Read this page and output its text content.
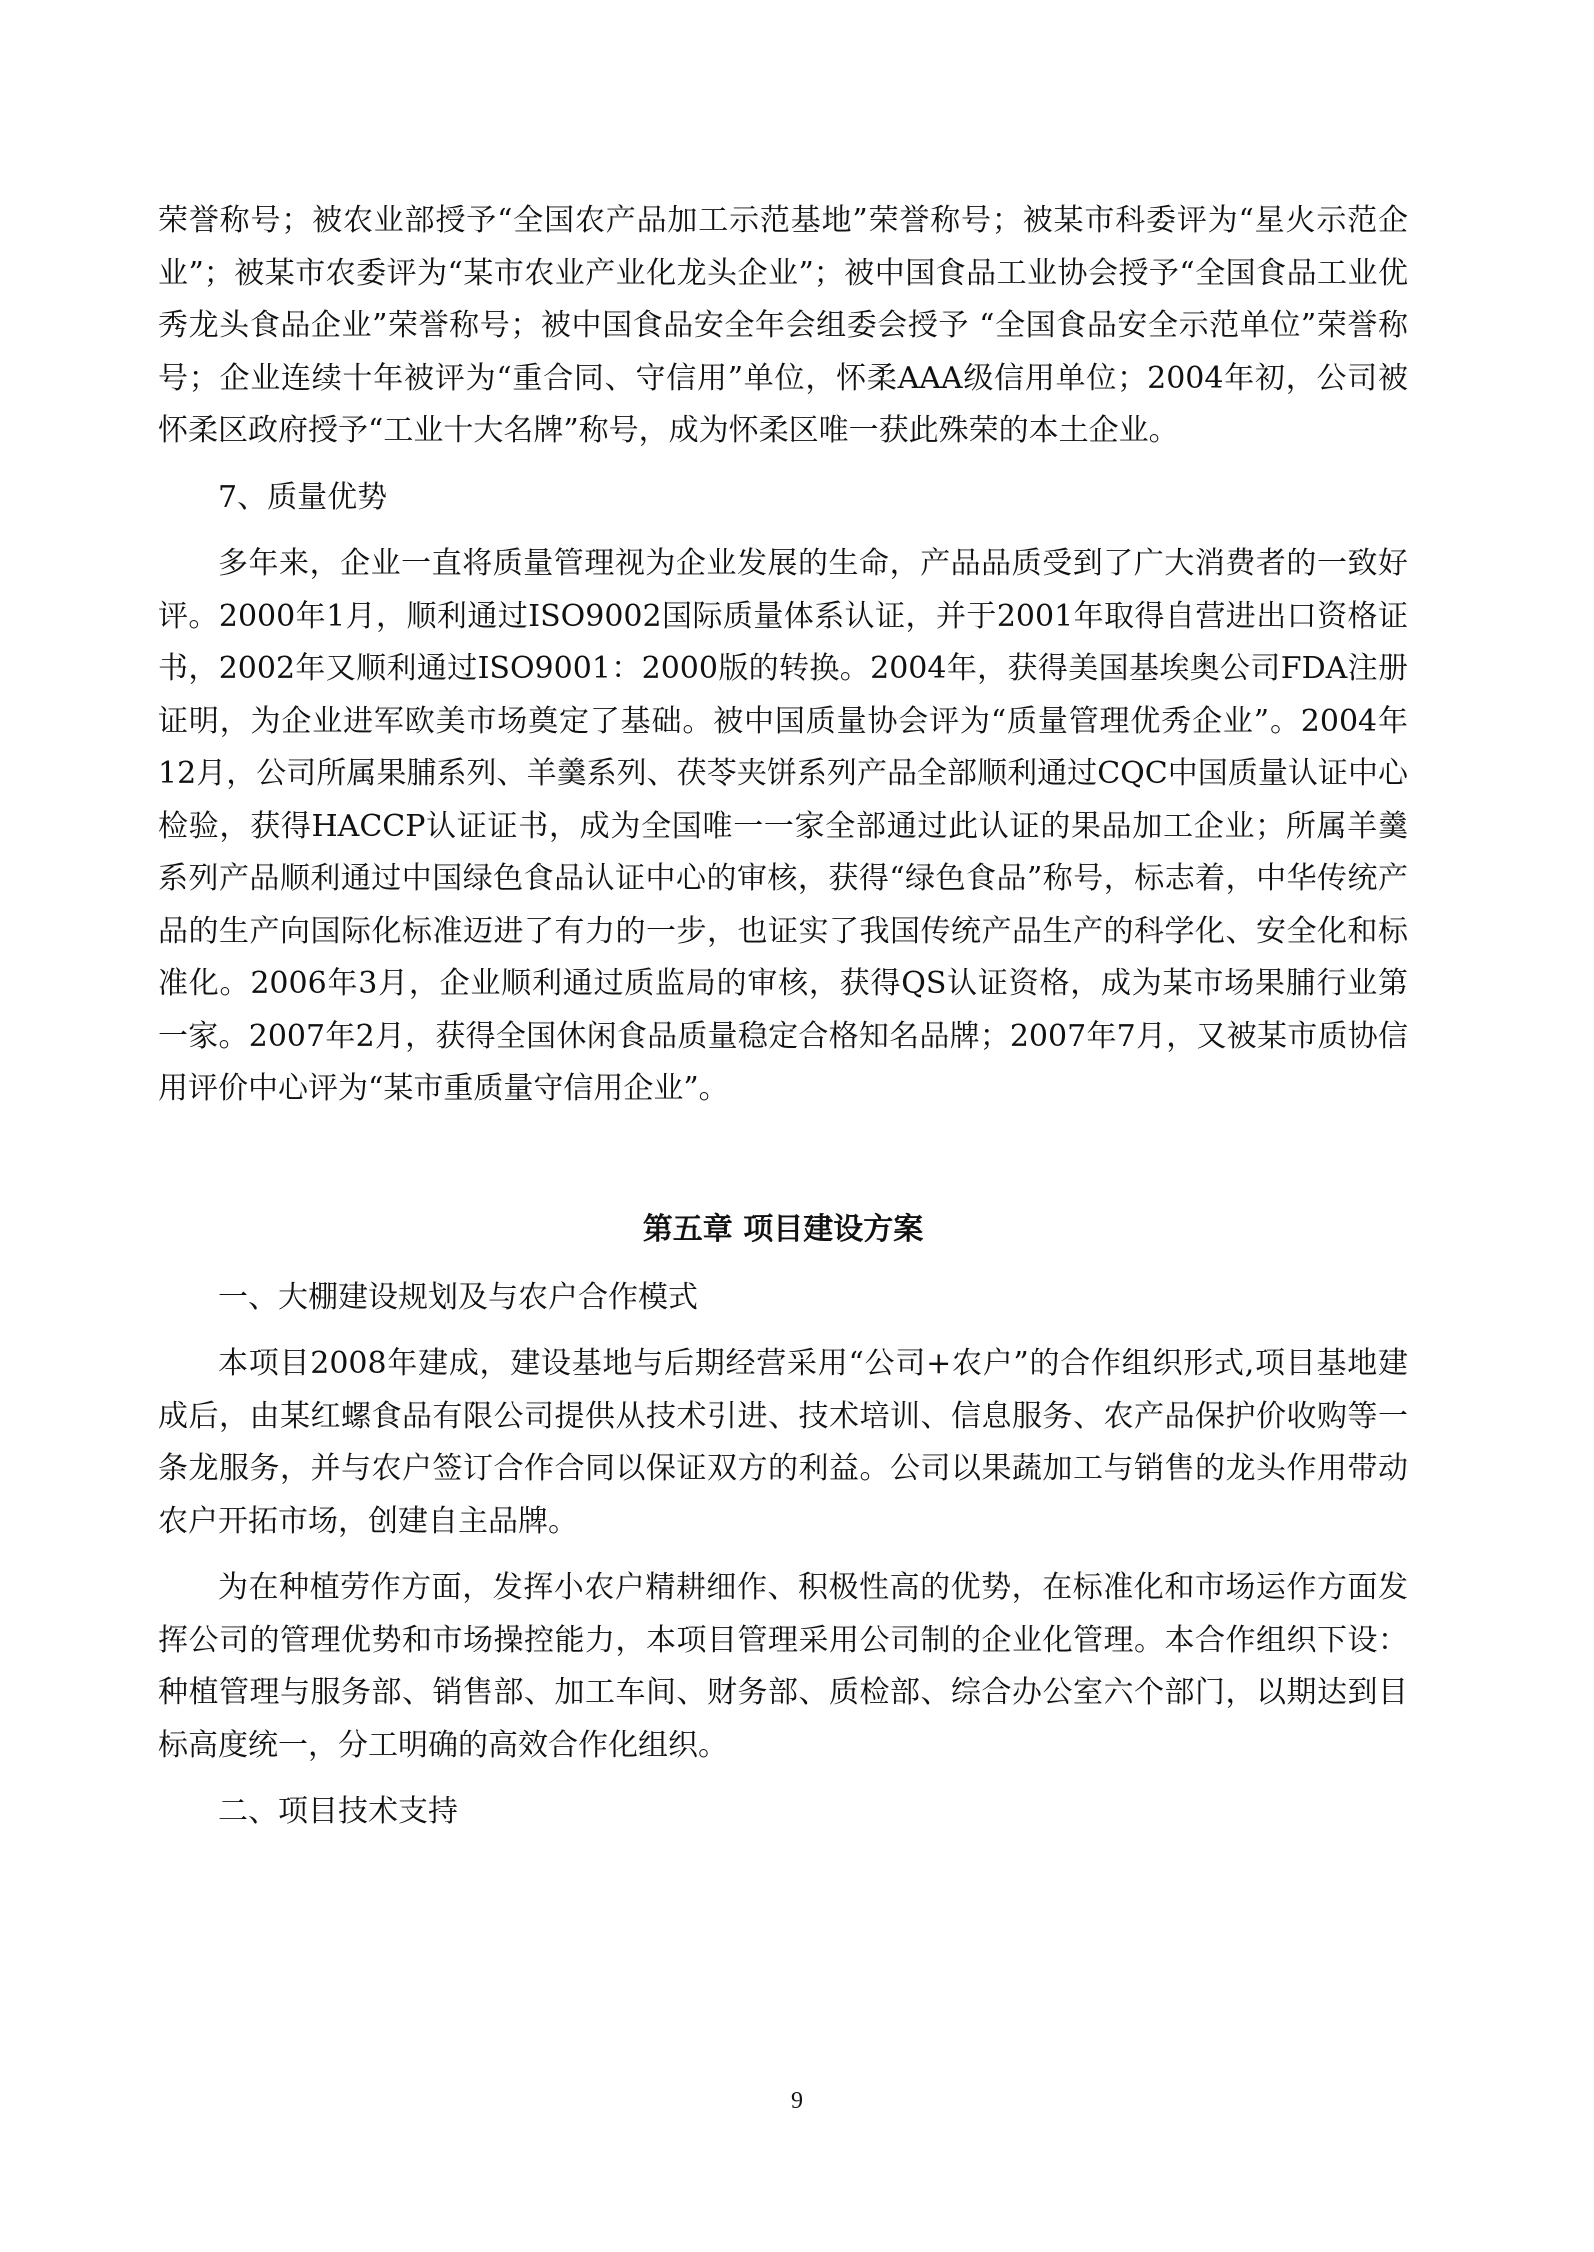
荣誉称号；被农业部授予“全国农产品加工示范基地”荣誉称号；被某市科委评为“星火示范企业”；被某市农委评为“某市农业产业化龙头企业”；被中国食品工业协会授予“全国食品工业优秀龙头食品企业”荣誉称号；被中国食品安全年会组委会授予 “全国食品安全示范单位”荣誉称号；企业连续十年被评为“重合同、守信用”单位，怀柔AAA级信用单位；2004年初，公司被怀柔区政府授予“工业十大名牌”称号，成为怀柔区唯一获此殊荣的本土企业。

7、质量优势

多年来，企业一直将质量管理视为企业发展的生命，产品品质受到了广大消费者的一致好评。2000年1月，顺利通过ISO9002国际质量体系认证，并于2001年取得自营进出口资格证书，2002年又顺利通过ISO9001：2000版的转换。2004年，获得美国基埃奥公司FDA注册证明，为企业进军欧美市场奠定了基础。被中国质量协会评为“质量管理优秀企业”。2004年12月，公司所属果脯系列、羊羹系列、茯苓夹饼系列产品全部顺利通过CQC中国质量认证中心检验，获得HACCP认证证书，成为全国唯一一家全部通过此认证的果品加工企业；所属羊羹系列产品顺利通过中国绿色食品认证中心的审核，获得“绿色食品”称号，标志着，中华传统产品的生产向国际化标准迈进了有力的一步，也证实了我国传统产品生产的科学化、安全化和标准化。2006年3月，企业顺利通过质监局的审核，获得QS认证资格，成为某市场果脯行业第一家。2007年2月，获得全国休闲食品质量稳定合格知名品牌；2007年7月，又被某市质协信用评价中心评为“某市重质量守信用企业”。

第五章 项目建设方案

一、大棚建设规划及与农户合作模式

本项目2008年建成，建设基地与后期经营采用“公司+农户”的合作组织形式,项目基地建成后，由某红螺食品有限公司提供从技术引进、技术培训、信息服务、农产品保护价收购等一条龙服务，并与农户签订合作合同以保证双方的利益。公司以果蔬加工与销售的龙头作用带动农户开拓市场，创建自主品牌。

为在种植劳作方面，发挥小农户精耕细作、积极性高的优势，在标准化和市场运作方面发挥公司的管理优势和市场操控能力，本项目管理采用公司制的企业化管理。本合作组织下设：种植管理与服务部、销售部、加工车间、财务部、质检部、综合办公室六个部门，以期达到目标高度统一，分工明确的高效合作化组织。

二、项目技术支持

9
